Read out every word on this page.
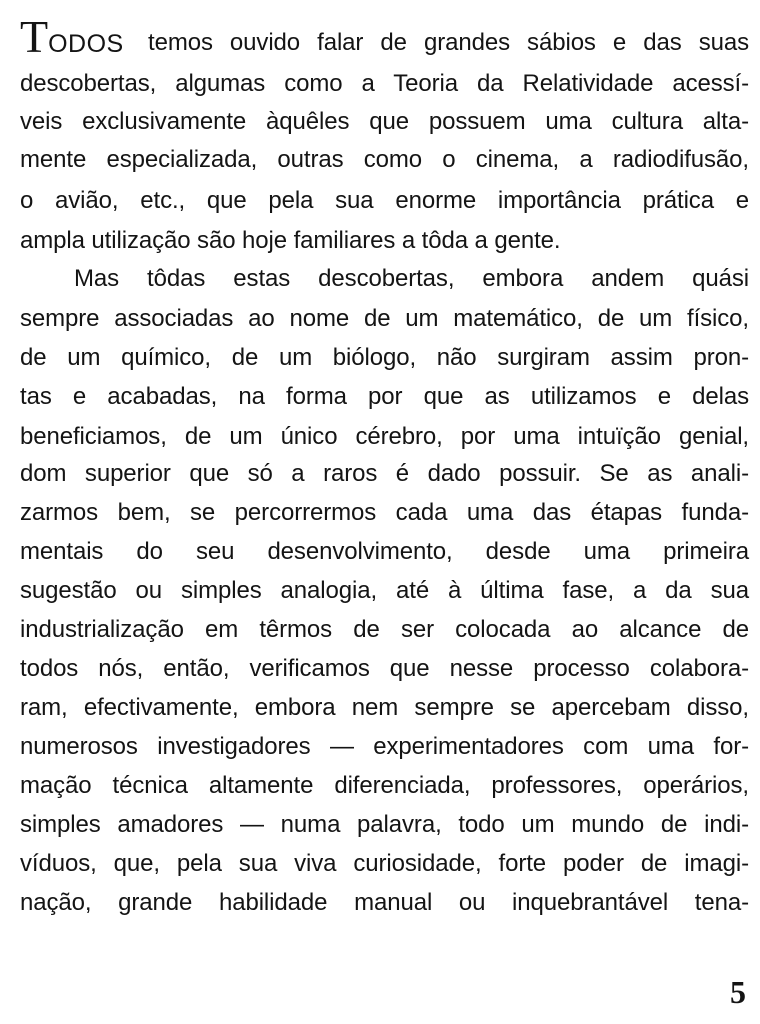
TODOS temos ouvido falar de grandes sábios e das suas
descobertas, algumas como a Teoria da Relatividade acessí-
veis exclusivamente àquêles que possuem uma cultura alta-
mente especializada, outras como o cinema, a radiodifusão,
o avião, etc., que pela sua enorme importância prática e
ampla utilização são hoje familiares a tôda a gente.
Mas tôdas estas descobertas, embora andem quási
sempre associadas ao nome de um matemático, de um físico,
de um químico, de um biólogo, não surgiram assim pron-
tas e acabadas, na forma por que as utilizamos e delas
beneficiamos, de um único cérebro, por uma intuïção genial,
dom superior que só a raros é dado possuir. Se as anali-
zarmos bem, se percorrermos cada uma das étapas funda-
mentais do seu desenvolvimento, desde uma primeira
sugestão ou simples analogia, até à última fase, a da sua
industrialização em têrmos de ser colocada ao alcance de
todos nós, então, verificamos que nesse processo colabora-
ram, efectivamente, embora nem sempre se apercebam disso,
numerosos investigadores — experimentadores com uma for-
mação técnica altamente diferenciada, professores, operários,
simples amadores — numa palavra, todo um mundo de indi-
víduos, que, pela sua viva curiosidade, forte poder de imagi-
nação, grande habilidade manual ou inquebrantável tena-
5
